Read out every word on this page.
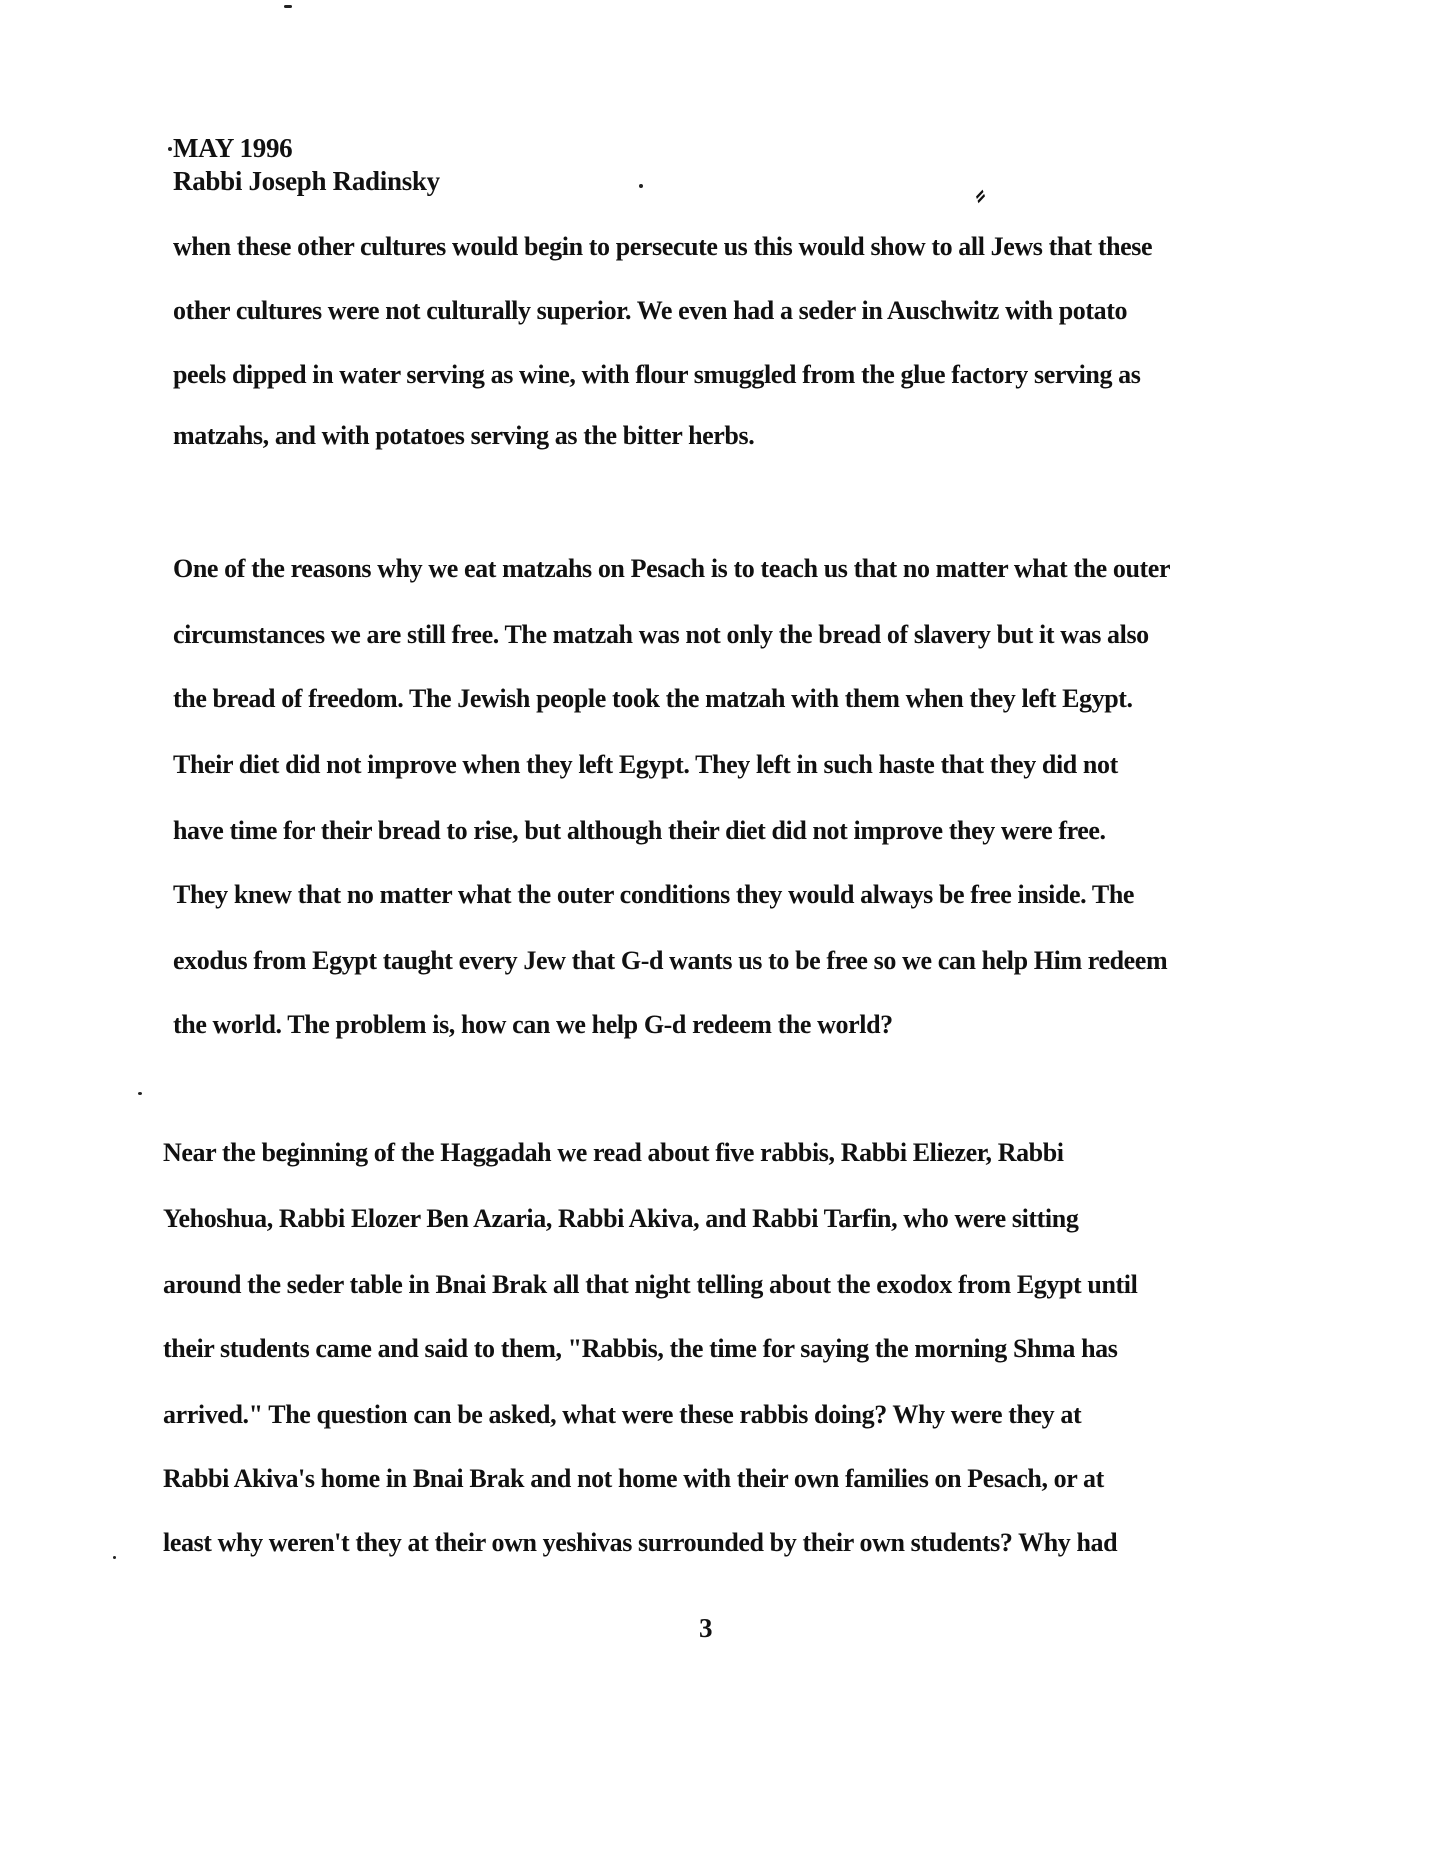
MAY 1996
Rabbi Joseph Radinsky	⸗
when these other cultures would begin to persecute us this would show to all Jews that these
other cultures were not culturally superior. We even had a seder in Auschwitz with potato
peels dipped in water serving as wine, with flour smuggled from the glue factory serving as
matzahs, and with potatoes serving as the bitter herbs.
One of the reasons why we eat matzahs on Pesach is to teach us that no matter what the outer
circumstances we are still free. The matzah was not only the bread of slavery but it was also
the bread of freedom. The Jewish people took the matzah with them when they left Egypt.
Their diet did not improve when they left Egypt. They left in such haste that they did not
have time for their bread to rise, but although their diet did not improve they were free.
They knew that no matter what the outer conditions they would always be free inside. The
exodus from Egypt taught every Jew that G-d wants us to be free so we can help Him redeem
the world. The problem is, how can we help G-d redeem the world?
Near the beginning of the Haggadah we read about five rabbis, Rabbi Eliezer, Rabbi
Yehoshua, Rabbi Elozer Ben Azaria, Rabbi Akiva, and Rabbi Tarfin, who were sitting
around the seder table in Bnai Brak all that night telling about the exodox from Egypt until
their students came and said to them, "Rabbis, the time for saying the morning Shma has
arrived." The question can be asked, what were these rabbis doing? Why were they at
Rabbi Akiva's home in Bnai Brak and not home with their own families on Pesach, or at
least why weren't they at their own yeshivas surrounded by their own students? Why had
3
